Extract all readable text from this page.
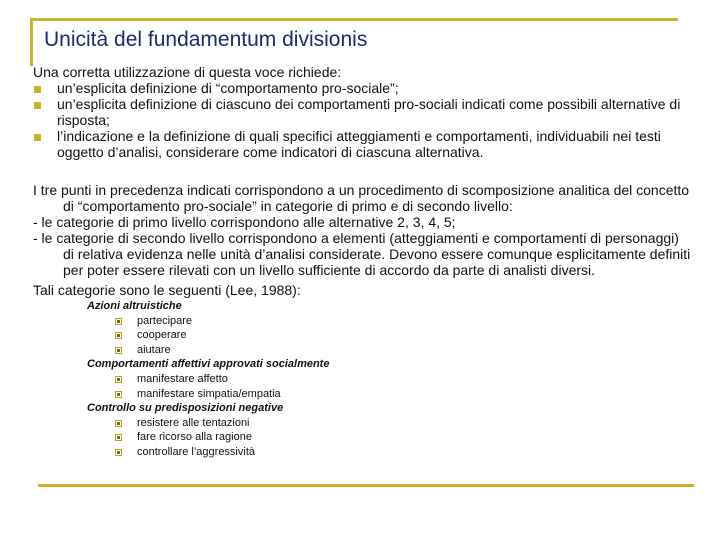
Unicità del fundamentum divisionis
Una corretta utilizzazione di questa voce richiede:
un’esplicita definizione di “comportamento pro-sociale”;
un’esplicita definizione di ciascuno dei comportamenti pro-sociali indicati come possibili alternative di risposta;
l’indicazione e la definizione di quali specifici atteggiamenti e comportamenti, individuabili nei testi oggetto d’analisi, considerare come indicatori di ciascuna alternativa.

I tre punti in precedenza indicati corrispondono a un procedimento di scomposizione analitica del concetto di “comportamento pro-sociale” in categorie di primo e di secondo livello:

- le categorie di primo livello corrispondono alle alternative 2, 3, 4, 5;

- le categorie di secondo livello corrispondono a elementi (atteggiamenti e comportamenti di personaggi) di relativa evidenza nelle unità d’analisi considerate. Devono essere comunque esplicitamente definiti per poter essere rilevati con un livello sufficiente di accordo da parte di analisti diversi.

Tali categorie sono le seguenti (Lee, 1988):
Azioni altruistiche
partecipare
cooperare
aiutare
Comportamenti affettivi approvati socialmente
manifestare affetto
manifestare simpatia/empatia
Controllo su predisposizioni negative
resistere alle tentazioni
fare ricorso alla ragione
controllare l’aggressività
